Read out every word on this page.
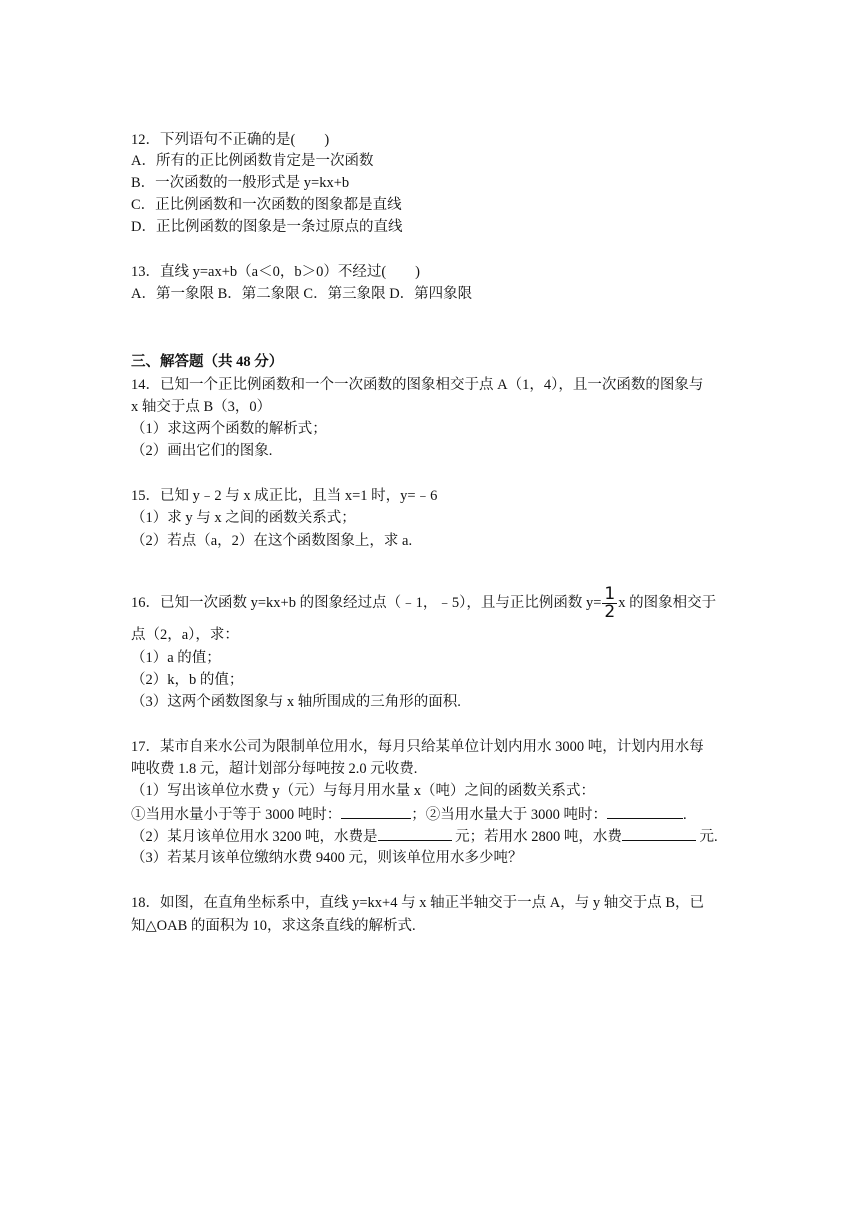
12．下列语句不正确的是(　　)
A．所有的正比例函数肯定是一次函数
B．一次函数的一般形式是 y=kx+b
C．正比例函数和一次函数的图象都是直线
D．正比例函数的图象是一条过原点的直线
13．直线 y=ax+b（a＜0，b＞0）不经过(　　)
A．第一象限 B．第二象限 C．第三象限 D．第四象限
三、解答题（共 48 分）
14．已知一个正比例函数和一个一次函数的图象相交于点 A（1，4），且一次函数的图象与
x 轴交于点 B（3，0）
（1）求这两个函数的解析式；
（2）画出它们的图象.
15．已知 y﹣2 与 x 成正比，且当 x=1 时，y=﹣6
（1）求 y 与 x 之间的函数关系式；
（2）若点（a，2）在这个函数图象上，求 a.
16．已知一次函数 y=kx+b 的图象经过点（﹣1，﹣5），且与正比例函数 $y= \frac{1}{2}$ x 的图象相交于
点（2，a），求：
（1）a 的值；
（2）k，b 的值；
（3）这两个函数图象与 x 轴所围成的三角形的面积.
17．某市自来水公司为限制单位用水，每月只给某单位计划内用水 3000 吨，计划内用水每
吨收费 1.8 元，超计划部分每吨按 2.0 元收费.
（1）写出该单位水费 y（元）与每月用水量 x（吨）之间的函数关系式：
①当用水量小于等于 3000 吨时：	；②当用水量大于 3000 吨时：	.
（2）某月该单位用水 3200 吨，水费是	元；若用水 2800 吨，水费	元.
（3）若某月该单位缴纳水费 9400 元，则该单位用水多少吨？
18．如图，在直角坐标系中，直线 y=kx+4 与 x 轴正半轴交于一点 A，与 y 轴交于点 B，已
知△OAB 的面积为 10，求这条直线的解析式.
